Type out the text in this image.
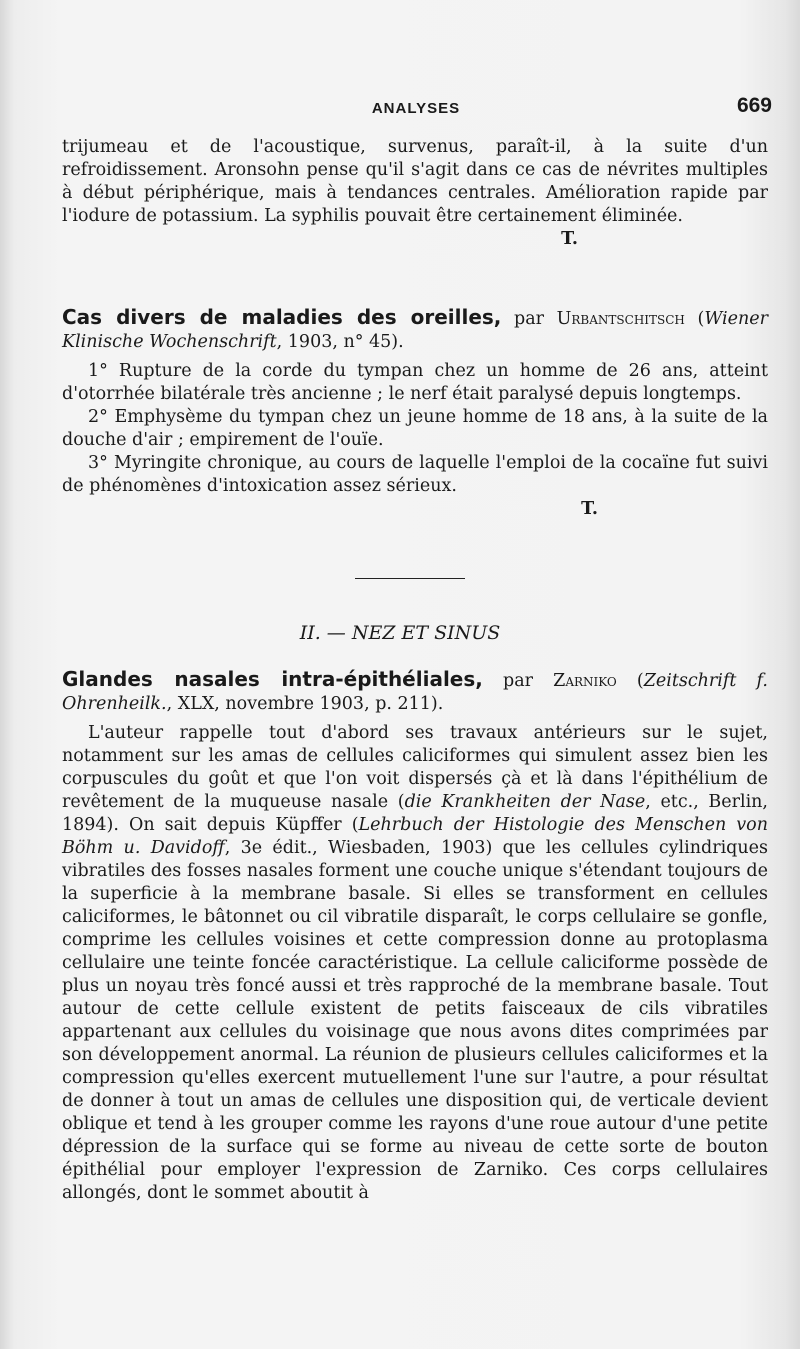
ANALYSES	669

trijumeau et de l'acoustique, survenus, paraît-il, à la suite d'un refroidissement. Aronsohn pense qu'il s'agit dans ce cas de névrites multiples à début périphérique, mais à tendances centrales. Amélioration rapide par l'iodure de potassium. La syphilis pouvait être certainement éliminée.

T.

Cas divers de maladies des oreilles, par Urbantschitsch (Wiener Klinische Wochenschrift, 1903, n° 45).

1° Rupture de la corde du tympan chez un homme de 26 ans, atteint d'otorrhée bilatérale très ancienne ; le nerf était paralysé depuis longtemps.

2° Emphysème du tympan chez un jeune homme de 18 ans, à la suite de la douche d'air ; empirement de l'ouïe.

3° Myringite chronique, au cours de laquelle l'emploi de la cocaïne fut suivi de phénomènes d'intoxication assez sérieux.

T.

II. — NEZ ET SINUS

Glandes nasales intra-épithéliales, par Zarniko (Zeitschrift f. Ohrenheilk., XLX, novembre 1903, p. 211).

L'auteur rappelle tout d'abord ses travaux antérieurs sur le sujet, notamment sur les amas de cellules caliciformes qui simulent assez bien les corpuscules du goût et que l'on voit dispersés çà et là dans l'épithélium de revêtement de la muqueuse nasale (die Krankheiten der Nase, etc., Berlin, 1894). On sait depuis Küpffer (Lehrbuch der Histologie des Menschen von Böhm u. Davidoff, 3e édit., Wiesbaden, 1903) que les cellules cylindriques vibratiles des fosses nasales forment une couche unique s'étendant toujours de la superficie à la membrane basale. Si elles se transforment en cellules caliciformes, le bâtonnet ou cil vibratile disparaît, le corps cellulaire se gonfle, comprime les cellules voisines et cette compression donne au protoplasma cellulaire une teinte foncée caractéristique. La cellule caliciforme possède de plus un noyau très foncé aussi et très rapproché de la membrane basale. Tout autour de cette cellule existent de petits faisceaux de cils vibratiles appartenant aux cellules du voisinage que nous avons dites comprimées par son développement anormal. La réunion de plusieurs cellules caliciformes et la compression qu'elles exercent mutuellement l'une sur l'autre, a pour résultat de donner à tout un amas de cellules une disposition qui, de verticale devient oblique et tend à les grouper comme les rayons d'une roue autour d'une petite dépression de la surface qui se forme au niveau de cette sorte de bouton épithélial pour employer l'expression de Zarniko. Ces corps cellulaires allongés, dont le sommet aboutit à
